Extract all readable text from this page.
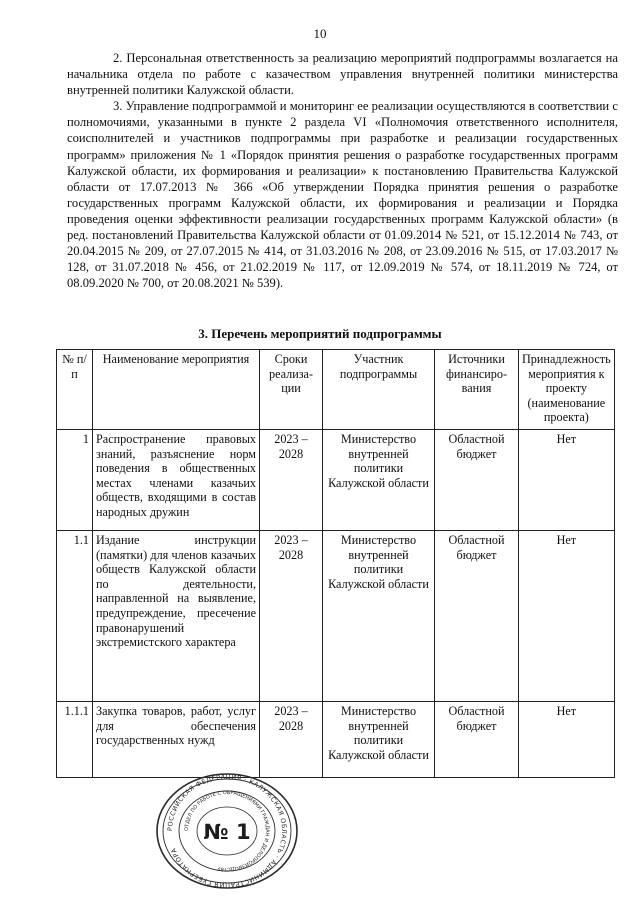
10

2. Персональная ответственность за реализацию мероприятий подпрограммы возлагается на начальника отдела по работе с казачеством управления внутренней политики министерства внутренней политики Калужской области.

3. Управление подпрограммой и мониторинг ее реализации осуществляются в соответствии с полномочиями, указанными в пункте 2 раздела VI «Полномочия ответственного исполнителя, соисполнителей и участников подпрограммы при разработке и реализации государственных программ» приложения № 1 «Порядок принятия решения о разработке государственных программ Калужской области, их формирования и реализации» к постановлению Правительства Калужской области от 17.07.2013 № 366 «Об утверждении Порядка принятия решения о разработке государственных программ Калужской области, их формирования и реализации и Порядка проведения оценки эффективности реализации государственных программ Калужской области» (в ред. постановлений Правительства Калужской области от 01.09.2014 № 521, от 15.12.2014 № 743, от 20.04.2015 № 209, от 27.07.2015 № 414, от 31.03.2016 № 208, от 23.09.2016 № 515, от 17.03.2017 № 128, от 31.07.2018 № 456, от 21.02.2019 № 117, от 12.09.2019 № 574, от 18.11.2019 № 724, от 08.09.2020 № 700, от 20.08.2021 № 539).

3. Перечень мероприятий подпрограммы
№ п/п	Наименование мероприятия	Сроки реализа-ции	Участник подпрограммы	Источники финансиро-вания	Принадлежность мероприятия к проекту (наименование проекта)
1	Распространение правовых знаний, разъяснение норм поведения в общественных местах членами казачьих обществ, входящими в состав народных дружин	2023 – 2028	Министерство внутренней политики Калужской области	Областной бюджет	Нет
1.1	Издание инструкции (памятки) для членов казачьих обществ Калужской области по деятельности, направленной на выявление, предупреждение, пресечение правонарушений экстремистского характера	2023 – 2028	Министерство внутренней политики Калужской области	Областной бюджет	Нет
1.1.1	Закупка товаров, работ, услуг для обеспечения государственных нужд	2023 – 2028	Министерство внутренней политики Калужской области	Областной бюджет	Нет
РОССИЙСКАЯ ФЕДЕРАЦИЯ · КАЛУЖСКАЯ ОБЛАСТЬ · АДМИНИСТРАЦИЯ ГУБЕРНАТОРА
ОТДЕЛ ПО РАБОТЕ С ОБРАЩЕНИЯМИ ГРАЖДАН И ДЕЛОПРОИЗВОДСТВУ
№ 1
